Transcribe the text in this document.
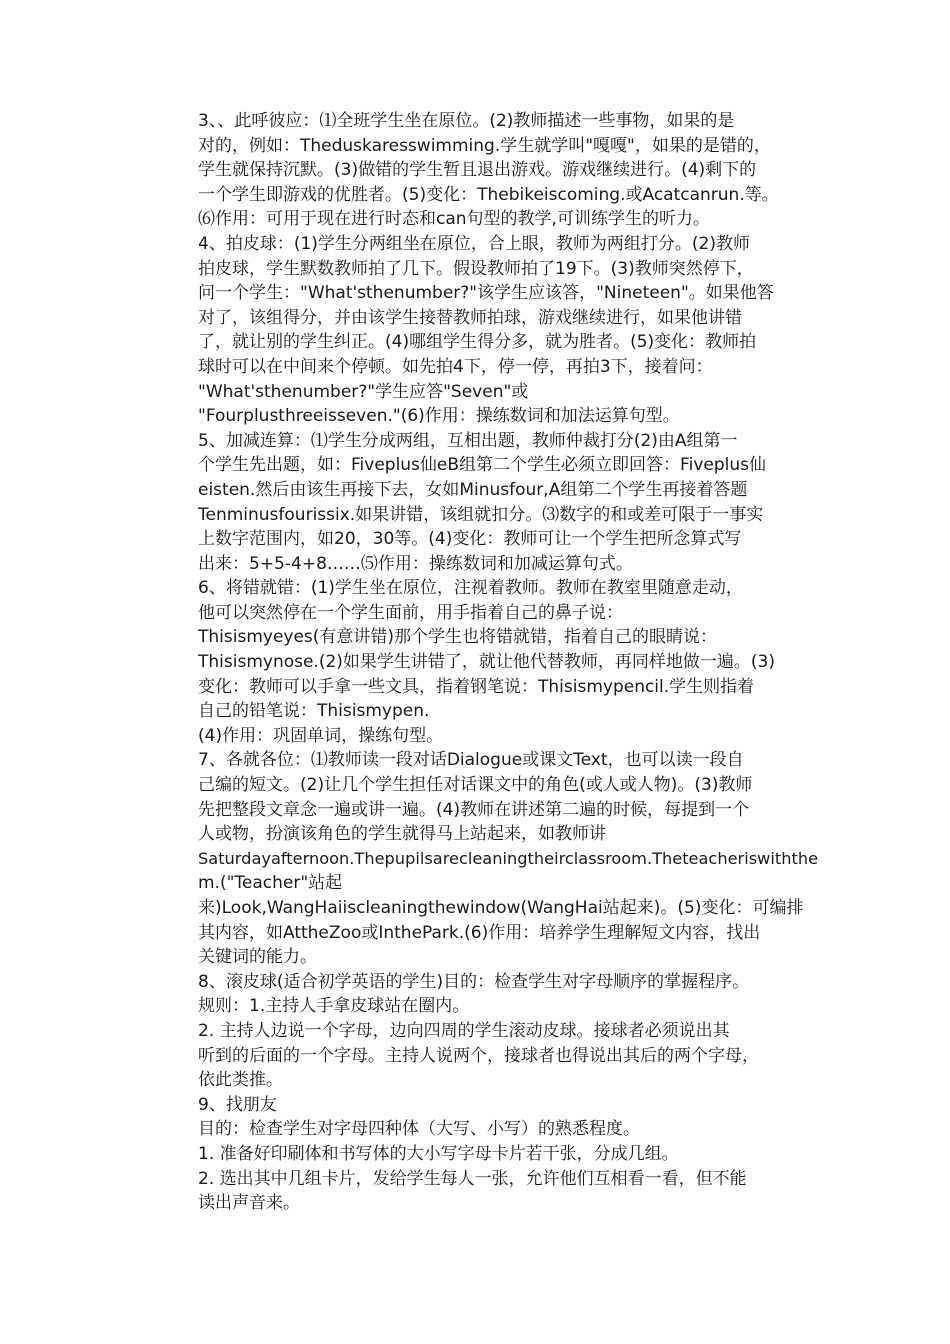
3、、此呼彼应：⑴全班学生坐在原位。(2)教师描述一些事物，如果的是
对的，例如：Theduskaresswimming.学生就学叫"嘎嘎"，如果的是错的，
学生就保持沉默。(3)做错的学生暂且退出游戏。游戏继续进行。(4)剩下的
一个学生即游戏的优胜者。(5)变化：Thebikeiscoming.或Acatcanrun.等。
⑹作用：可用于现在进行时态和can句型的教学,可训练学生的听力。
4、拍皮球：(1)学生分两组坐在原位，合上眼，教师为两组打分。(2)教师
拍皮球，学生默数教师拍了几下。假设教师拍了19下。(3)教师突然停下，
问一个学生："What'sthenumber?"该学生应该答，"Nineteen"。如果他答
对了，该组得分，并由该学生接替教师拍球，游戏继续进行，如果他讲错
了，就让别的学生纠正。(4)哪组学生得分多，就为胜者。(5)变化：教师拍
球时可以在中间来个停顿。如先拍4下，停一停，再拍3下，接着问：
"What'sthenumber?"学生应答"Seven"或
"Fourplusthreeisseven."(6)作用：操练数词和加法运算句型。
5、加减连算：⑴学生分成两组，互相出题，教师仲裁打分(2)由A组第一
个学生先出题，如：Fiveplus仙eB组第二个学生必须立即回答：Fiveplus仙
eisten.然后由该生再接下去，女如Minusfour,A组第二个学生再接着答题
Tenminusfourissix.如果讲错，该组就扣分。⑶数字的和或差可限于一事实
上数字范围内，如20，30等。(4)变化：教师可让一个学生把所念算式写
出来：5+5-4+8……⑸作用：操练数词和加减运算句式。
6、将错就错：(1)学生坐在原位，注视着教师。教师在教室里随意走动，
他可以突然停在一个学生面前，用手指着自己的鼻子说：
Thisismyeyes(有意讲错)那个学生也将错就错，指着自己的眼睛说：
Thisismynose.(2)如果学生讲错了，就让他代替教师，再同样地做一遍。(3)
变化：教师可以手拿一些文具，指着钢笔说：Thisismypencil.学生则指着
自己的铅笔说：Thisismypen.
(4)作用：巩固单词，操练句型。
7、各就各位：⑴教师读一段对话Dialogue或课文Text，也可以读一段自
己编的短文。(2)让几个学生担任对话课文中的角色(或人或人物)。(3)教师
先把整段文章念一遍或讲一遍。(4)教师在讲述第二遍的时候，每提到一个
人或物，扮演该角色的学生就得马上站起来，如教师讲
Saturdayafternoon.Thepupilsarecleaningtheirclassroom.Theteacheriswiththe
m.("Teacher"站起
来)Look,WangHaiiscleaningthewindow(WangHai站起来)。(5)变化：可编排
其内容，如AttheZoo或InthePark.(6)作用：培养学生理解短文内容，找出
关键词的能力。
8、滚皮球(适合初学英语的学生)目的：检查学生对字母顺序的掌握程序。
规则：1.主持人手拿皮球站在圈内。
2. 主持人边说一个字母，边向四周的学生滚动皮球。接球者必须说出其
听到的后面的一个字母。主持人说两个，接球者也得说出其后的两个字母，
依此类推。
9、找朋友
目的：检查学生对字母四种体（大写、小写）的熟悉程度。
1. 准备好印刷体和书写体的大小写字母卡片若干张，分成几组。
2. 选出其中几组卡片，发给学生每人一张，允许他们互相看一看，但不能
读出声音来。
